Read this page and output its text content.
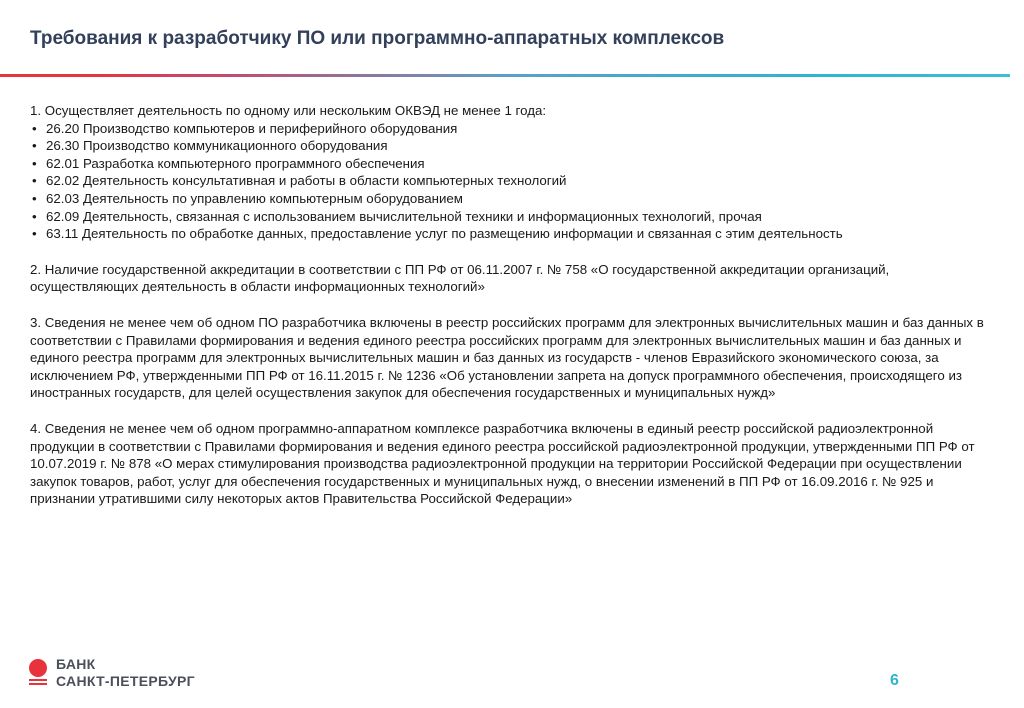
Требования к разработчику ПО или программно-аппаратных комплексов

1. Осуществляет деятельность по одному или нескольким ОКВЭД не менее 1 года:

• 26.20 Производство компьютеров и периферийного оборудования
• 26.30 Производство коммуникационного оборудования
• 62.01 Разработка компьютерного программного обеспечения
• 62.02 Деятельность консультативная и работы в области компьютерных технологий
• 62.03 Деятельность по управлению компьютерным оборудованием
• 62.09 Деятельность, связанная с использованием вычислительной техники и информационных технологий, прочая
• 63.11 Деятельность по обработке данных, предоставление услуг по размещению информации и связанная с этим деятельность

2. Наличие государственной аккредитации в соответствии с ПП РФ от 06.11.2007 г. № 758 «О государственной аккредитации организаций, осуществляющих деятельность в области информационных технологий»

3. Сведения не менее чем об одном ПО разработчика включены в реестр российских программ для электронных вычислительных машин и баз данных в соответствии с Правилами формирования и ведения единого реестра российских программ для электронных вычислительных машин и баз данных и единого реестра программ для электронных вычислительных машин и баз данных из государств - членов Евразийского экономического союза, за исключением РФ, утвержденными ПП РФ от 16.11.2015 г. № 1236 «Об установлении запрета на допуск программного обеспечения, происходящего из иностранных государств, для целей осуществления закупок для обеспечения государственных и муниципальных нужд»

4. Сведения не менее чем об одном программно-аппаратном комплексе разработчика включены в единый реестр российской радиоэлектронной продукции в соответствии с Правилами формирования и ведения единого реестра российской радиоэлектронной продукции, утвержденными ПП РФ от 10.07.2019 г. № 878 «О мерах стимулирования производства радиоэлектронной продукции на территории Российской Федерации при осуществлении закупок товаров, работ, услуг для обеспечения государственных и муниципальных нужд, о внесении изменений в ПП РФ от 16.09.2016 г. № 925 и признании утратившими силу некоторых актов Правительства Российской Федерации»

БАНК
САНКТ-ПЕТЕРБУРГ	6
